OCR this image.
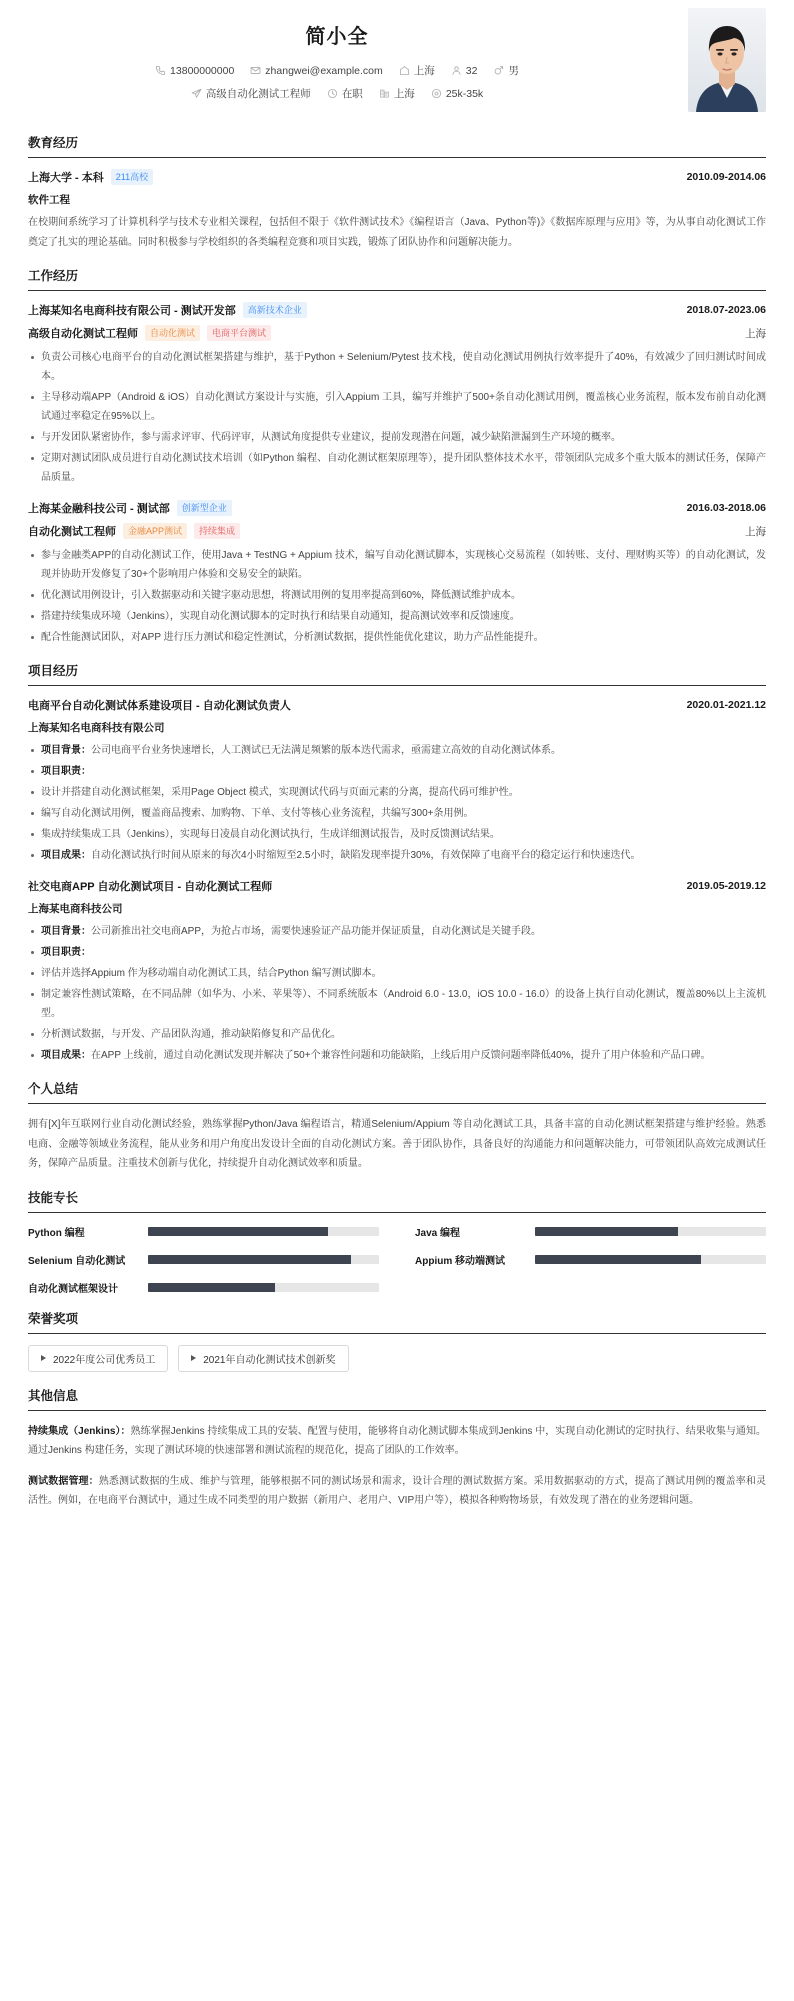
简小全
13800000000	zhangwei@example.com	上海	32	男
高级自动化测试工程师	在职	上海	25k-35k
教育经历
上海大学 - 本科	211高校	2010.09-2014.06
软件工程
在校期间系统学习了计算机科学与技术专业相关课程，包括但不限于《软件测试技术》《编程语言（Java、Python等)》《数据库原理与应用》等，为从事自动化测试工作奠定了扎实的理论基础。同时积极参与学校组织的各类编程竞赛和项目实践，锻炼了团队协作和问题解决能力。
工作经历
上海某知名电商科技有限公司 - 测试开发部	高新技术企业	2018.07-2023.06
高级自动化测试工程师	自动化测试	电商平台测试	上海
负责公司核心电商平台的自动化测试框架搭建与维护，基于Python + Selenium/Pytest 技术栈，使自动化测试用例执行效率提升了40%，有效减少了回归测试时间成本。
主导移动端APP（Android & iOS）自动化测试方案设计与实施，引入Appium 工具，编写并维护了500+条自动化测试用例，覆盖核心业务流程，版本发布前自动化测试通过率稳定在95%以上。
与开发团队紧密协作，参与需求评审、代码评审，从测试角度提供专业建议，提前发现潜在问题，减少缺陷泄漏到生产环境的概率。
定期对测试团队成员进行自动化测试技术培训（如Python 编程、自动化测试框架原理等），提升团队整体技术水平，带领团队完成多个重大版本的测试任务，保障产品质量。
上海某金融科技公司 - 测试部	创新型企业	2016.03-2018.06
自动化测试工程师	金融APP测试	持续集成	上海
参与金融类APP的自动化测试工作，使用Java + TestNG + Appium 技术，编写自动化测试脚本，实现核心交易流程（如转账、支付、理财购买等）的自动化测试，发现并协助开发修复了30+个影响用户体验和交易安全的缺陷。
优化测试用例设计，引入数据驱动和关键字驱动思想，将测试用例的复用率提高到60%，降低测试维护成本。
搭建持续集成环境（Jenkins），实现自动化测试脚本的定时执行和结果自动通知，提高测试效率和反馈速度。
配合性能测试团队，对APP 进行压力测试和稳定性测试，分析测试数据，提供性能优化建议，助力产品性能提升。
项目经历
电商平台自动化测试体系建设项目 - 自动化测试负责人	2020.01-2021.12
上海某知名电商科技有限公司
项目背景：公司电商平台业务快速增长，人工测试已无法满足频繁的版本迭代需求，亟需建立高效的自动化测试体系。
项目职责：
设计并搭建自动化测试框架，采用Page Object 模式，实现测试代码与页面元素的分离，提高代码可维护性。
编写自动化测试用例，覆盖商品搜索、加购物、下单、支付等核心业务流程，共编写300+条用例。
集成持续集成工具（Jenkins），实现每日凌晨自动化测试执行，生成详细测试报告，及时反馈测试结果。
项目成果：自动化测试执行时间从原来的每次4小时缩短至2.5小时，缺陷发现率提升30%，有效保障了电商平台的稳定运行和快速迭代。
社交电商APP 自动化测试项目 - 自动化测试工程师	2019.05-2019.12
上海某电商科技公司
项目背景：公司新推出社交电商APP，为抢占市场，需要快速验证产品功能并保证质量，自动化测试是关键手段。
项目职责：
评估并选择Appium 作为移动端自动化测试工具，结合Python 编写测试脚本。
制定兼容性测试策略，在不同品牌（如华为、小米、苹果等）、不同系统版本（Android 6.0 - 13.0，iOS 10.0 - 16.0）的设备上执行自动化测试，覆盖80%以上主流机型。
分析测试数据，与开发、产品团队沟通，推动缺陷修复和产品优化。
项目成果：在APP 上线前，通过自动化测试发现并解决了50+个兼容性问题和功能缺陷，上线后用户反馈问题率降低40%，提升了用户体验和产品口碑。
个人总结
拥有[X]年互联网行业自动化测试经验，熟练掌握Python/Java 编程语言，精通Selenium/Appium 等自动化测试工具，具备丰富的自动化测试框架搭建与维护经验。熟悉电商、金融等领域业务流程，能从业务和用户角度出发设计全面的自动化测试方案。善于团队协作，具备良好的沟通能力和问题解决能力，可带领团队高效完成测试任务，保障产品质量。注重技术创新与优化，持续提升自动化测试效率和质量。
技能专长
Python 编程	Java 编程
Selenium 自动化测试	Appium 移动端测试
自动化测试框架设计
荣誉奖项
2022年度公司优秀员工	2021年自动化测试技术创新奖
其他信息
持续集成（Jenkins）：熟练掌握Jenkins 持续集成工具的安装、配置与使用，能够将自动化测试脚本集成到Jenkins 中，实现自动化测试的定时执行、结果收集与通知。通过Jenkins 构建任务，实现了测试环境的快速部署和测试流程的规范化，提高了团队的工作效率。
测试数据管理：熟悉测试数据的生成、维护与管理，能够根据不同的测试场景和需求，设计合理的测试数据方案。采用数据驱动的方式，提高了测试用例的覆盖率和灵活性。例如，在电商平台测试中，通过生成不同类型的用户数据（新用户、老用户、VIP用户等），模拟各种购物场景，有效发现了潜在的业务逻辑问题。
